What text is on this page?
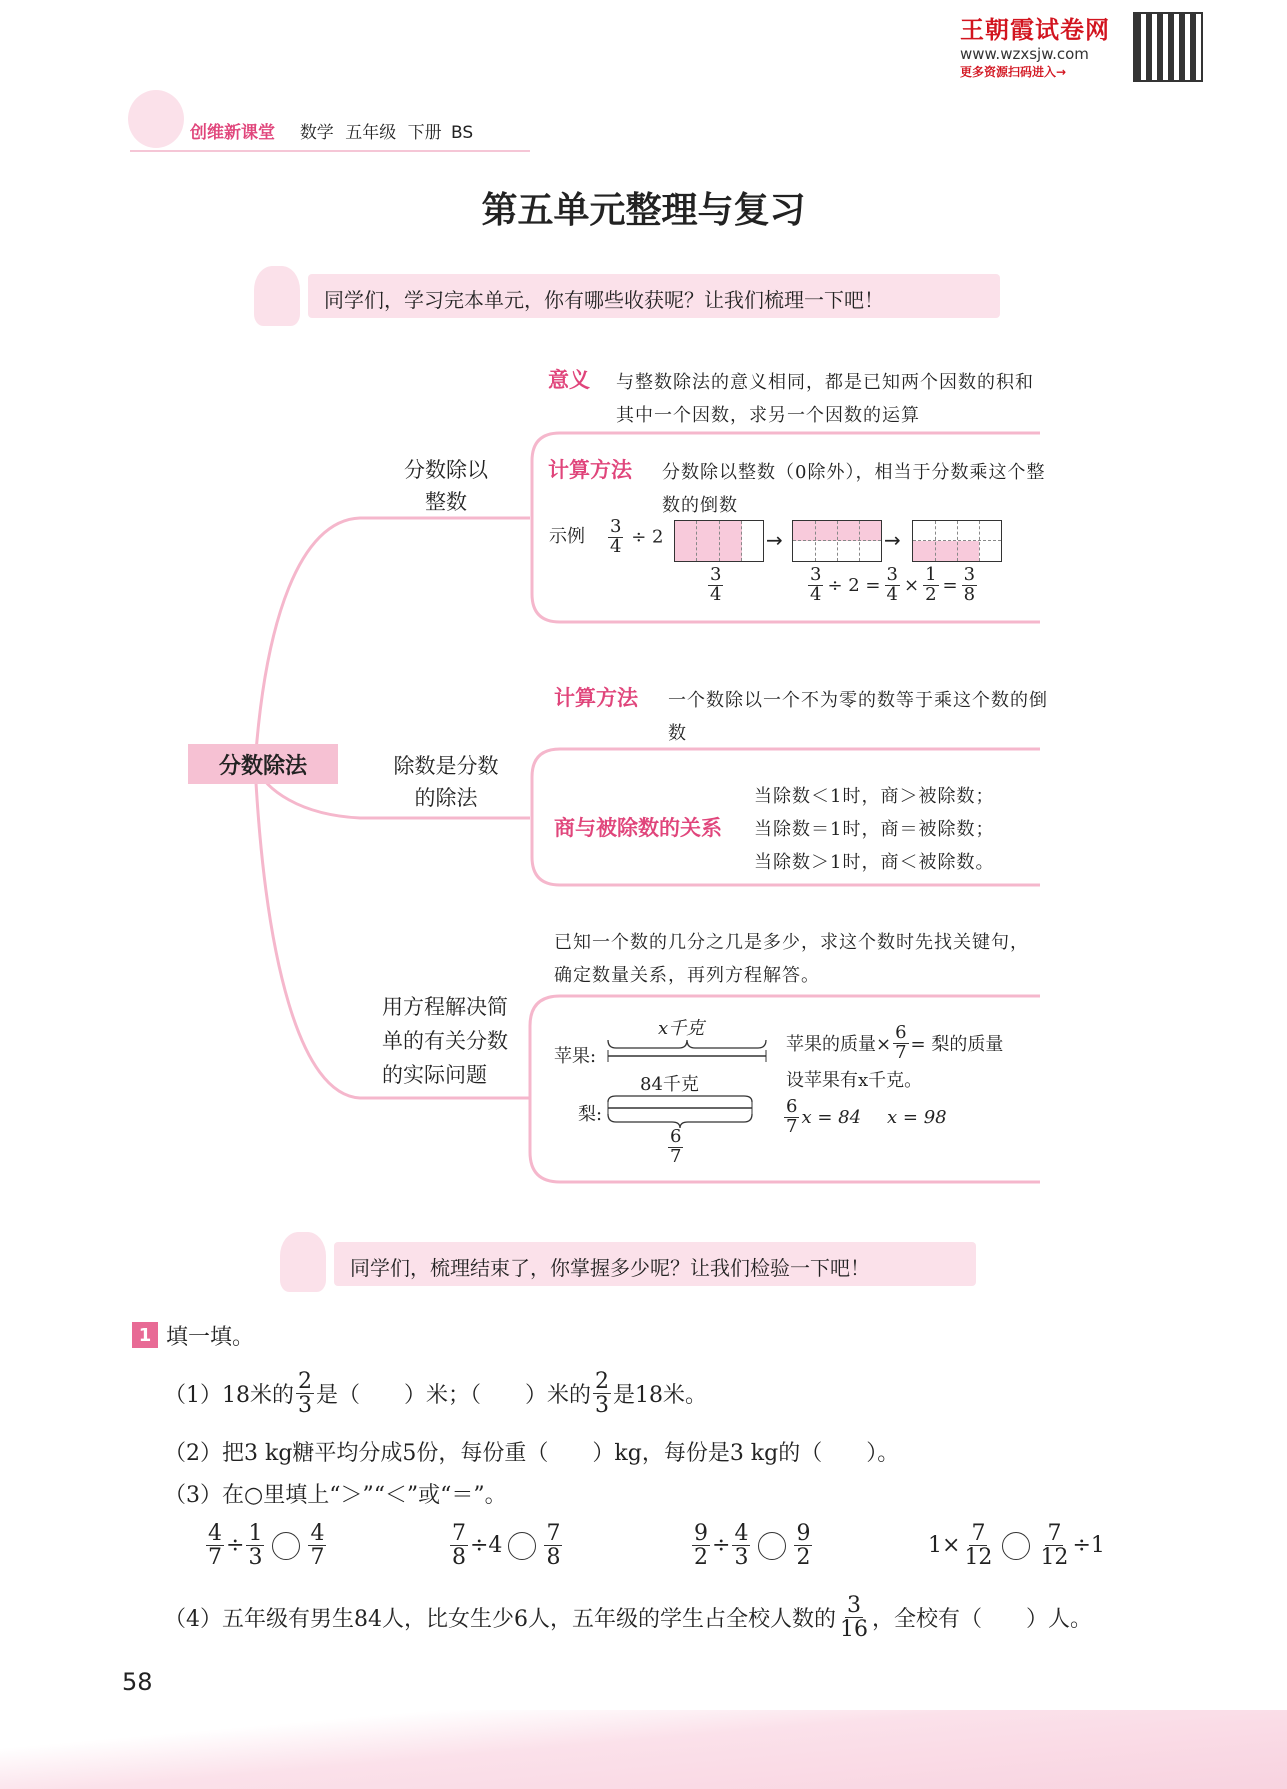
王朝霞试卷网
www.wzxsjw.com
更多资源扫码进入→
创维新课堂 数学 五年级 下册 BS
第五单元整理与复习
同学们，学习完本单元，你有哪些收获呢？让我们梳理一下吧！
分数除法
分数除以整数
意义 与整数除法的意义相同，都是已知两个因数的积和其中一个因数，求另一个因数的运算
计算方法 分数除以整数（0除外），相当于分数乘这个整数的倒数
示例 $\frac{3}{4} \div 2$	→	→
$\frac{3}{4}$	$\frac{3}{4} \div 2 = \frac{3}{4} \times \frac{1}{2} = \frac{3}{8}$
除数是分数的除法
计算方法 一个数除以一个不为零的数等于乘这个数的倒数
商与被除数的关系
当除数＜1时，商＞被除数；
当除数＝1时，商＝被除数；
当除数＞1时，商＜被除数。
用方程解决简单的有关分数的实际问题
已知一个数的几分之几是多少，求这个数时先找关键句，确定数量关系，再列方程解答。
苹果:
x千克
84千克
梨:
$\frac{6}{7}$
苹果的质量× $\frac{6}{7}$ = 梨的质量
设苹果有x千克。
$\frac{6}{7}$ x = 84 x = 98
同学们，梳理结束了，你掌握多少呢？让我们检验一下吧！
1 填一填。
（1）18米的 $\frac{2}{3}$ 是（　　）米；（　　）米的 $\frac{2}{3}$ 是18米。
（2）把3 kg糖平均分成5份，每份重（　　）kg，每份是3 kg的（　　）。
（3）在○里填上“＞”“＜”或“＝”。
$\frac{4}{7} \div \frac{1}{3} \frac{4}{7}$	$\frac{7}{8} \div 4 \frac{7}{8}$	$\frac{9}{2} \div \frac{4}{3} \frac{9}{2}$	$1\times \frac{7}{12} \frac{7}{12} \div 1$
（4）五年级有男生84人，比女生少6人，五年级的学生占全校人数的 $\frac{3}{16}$ ，全校有（　　）人。
58
